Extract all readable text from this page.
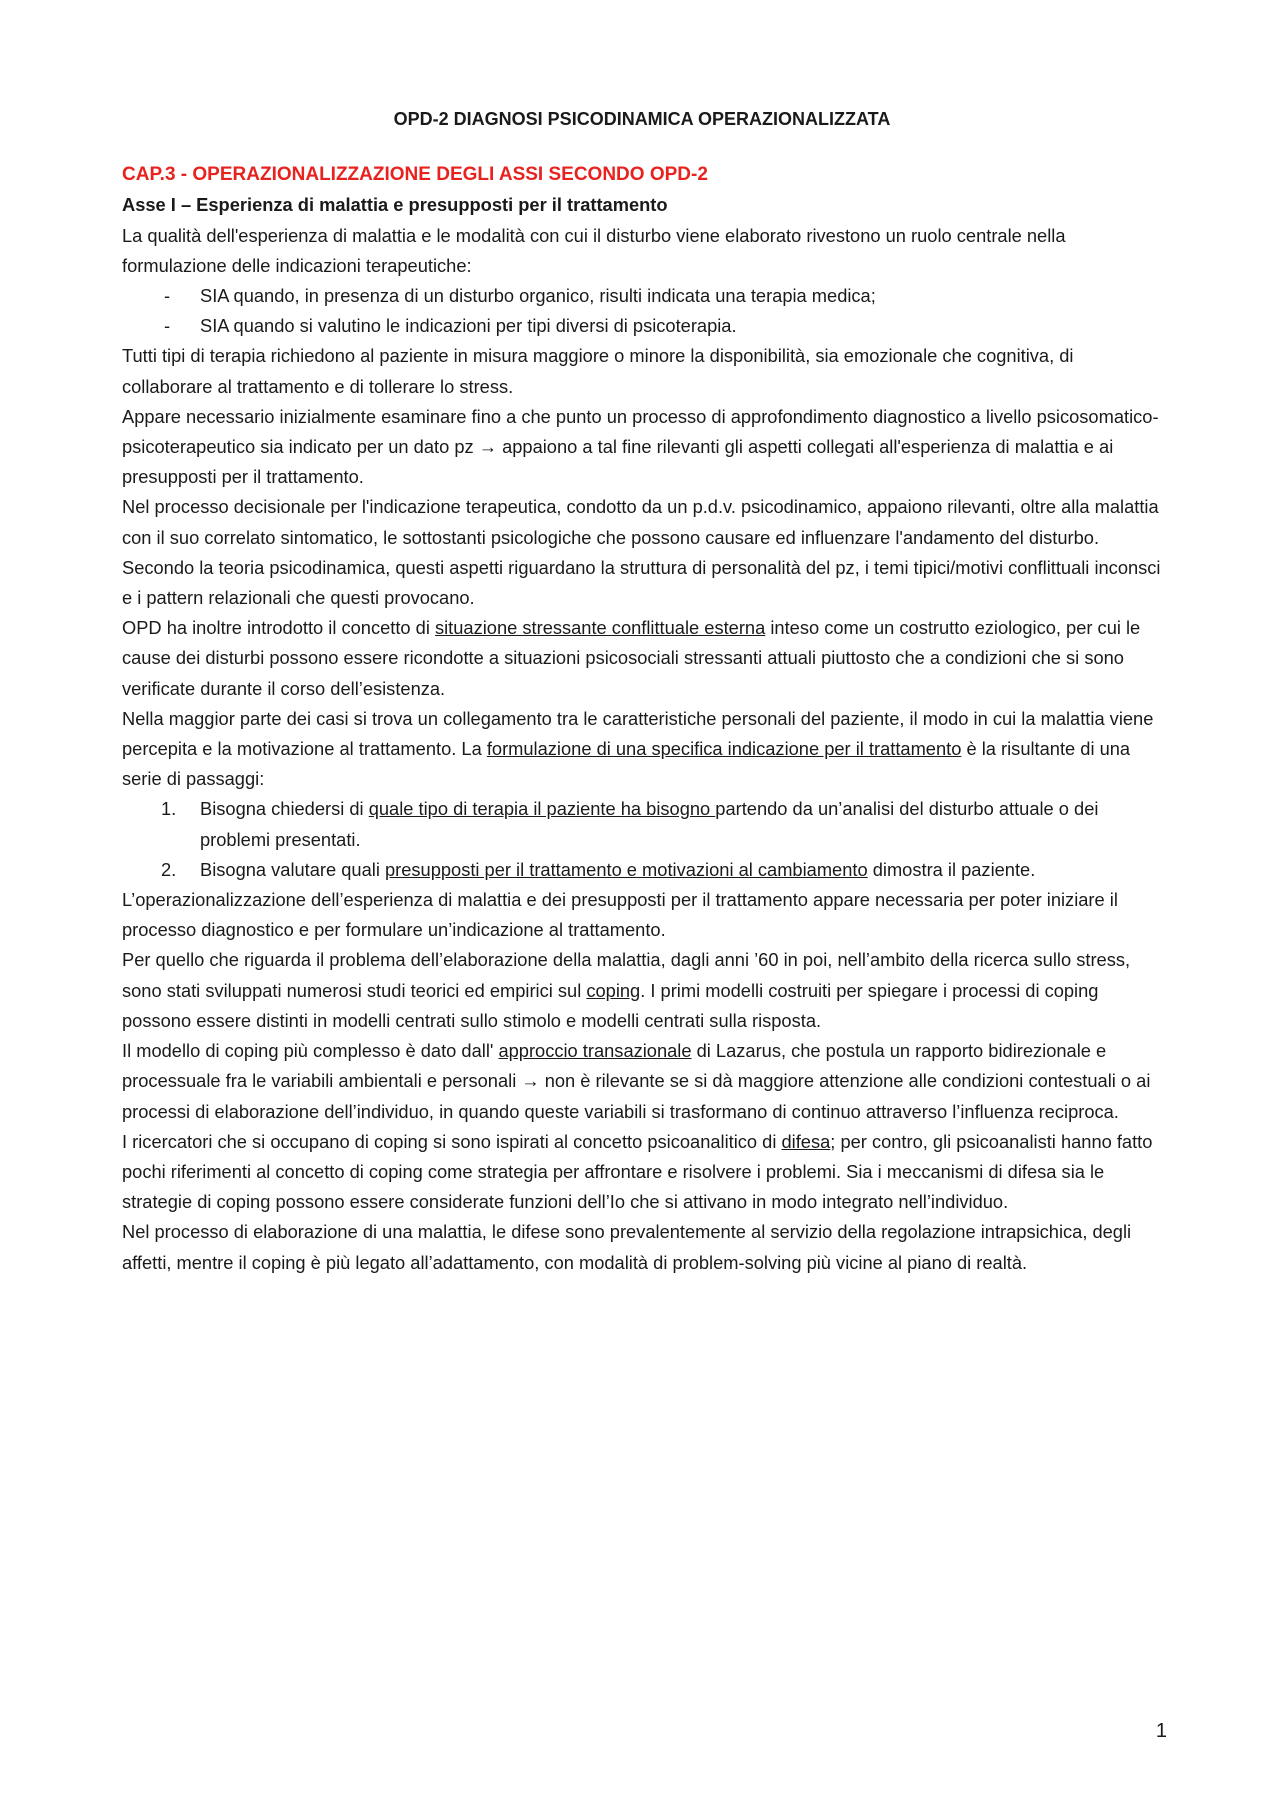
OPD-2 DIAGNOSI PSICODINAMICA OPERAZIONALIZZATA
CAP.3 - OPERAZIONALIZZAZIONE DEGLI ASSI SECONDO OPD-2
Asse I – Esperienza di malattia e presupposti per il trattamento

La qualità dell'esperienza di malattia e le modalità con cui il disturbo viene elaborato rivestono un ruolo centrale nella formulazione delle indicazioni terapeutiche:

- SIA quando, in presenza di un disturbo organico, risulti indicata una terapia medica;
- SIA quando si valutino le indicazioni per tipi diversi di psicoterapia.

Tutti tipi di terapia richiedono al paziente in misura maggiore o minore la disponibilità, sia emozionale che cognitiva, di collaborare al trattamento e di tollerare lo stress.

Appare necessario inizialmente esaminare fino a che punto un processo di approfondimento diagnostico a livello psicosomatico-psicoterapeutico sia indicato per un dato pz → appaiono a tal fine rilevanti gli aspetti collegati all'esperienza di malattia e ai presupposti per il trattamento.

Nel processo decisionale per l'indicazione terapeutica, condotto da un p.d.v. psicodinamico, appaiono rilevanti, oltre alla malattia con il suo correlato sintomatico, le sottostanti psicologiche che possono causare ed influenzare l'andamento del disturbo. Secondo la teoria psicodinamica, questi aspetti riguardano la struttura di personalità del pz, i temi tipici/motivi conflittuali inconsci e i pattern relazionali che questi provocano.

OPD ha inoltre introdotto il concetto di situazione stressante conflittuale esterna inteso come un costrutto eziologico, per cui le cause dei disturbi possono essere ricondotte a situazioni psicosociali stressanti attuali piuttosto che a condizioni che si sono verificate durante il corso dell’esistenza.

Nella maggior parte dei casi si trova un collegamento tra le caratteristiche personali del paziente, il modo in cui la malattia viene percepita e la motivazione al trattamento. La formulazione di una specifica indicazione per il trattamento è la risultante di una serie di passaggi:

1. Bisogna chiedersi di quale tipo di terapia il paziente ha bisogno partendo da un’analisi del disturbo attuale o dei problemi presentati.
2. Bisogna valutare quali presupposti per il trattamento e motivazioni al cambiamento dimostra il paziente.

L’operazionalizzazione dell’esperienza di malattia e dei presupposti per il trattamento appare necessaria per poter iniziare il processo diagnostico e per formulare un’indicazione al trattamento.

Per quello che riguarda il problema dell’elaborazione della malattia, dagli anni ’60 in poi, nell’ambito della ricerca sullo stress, sono stati sviluppati numerosi studi teorici ed empirici sul coping. I primi modelli costruiti per spiegare i processi di coping possono essere distinti in modelli centrati sullo stimolo e modelli centrati sulla risposta.

Il modello di coping più complesso è dato dall' approccio transazionale di Lazarus, che postula un rapporto bidirezionale e processuale fra le variabili ambientali e personali → non è rilevante se si dà maggiore attenzione alle condizioni contestuali o ai processi di elaborazione dell’individuo, in quando queste variabili si trasformano di continuo attraverso l’influenza reciproca.

I ricercatori che si occupano di coping si sono ispirati al concetto psicoanalitico di difesa; per contro, gli psicoanalisti hanno fatto pochi riferimenti al concetto di coping come strategia per affrontare e risolvere i problemi. Sia i meccanismi di difesa sia le strategie di coping possono essere considerate funzioni dell’Io che si attivano in modo integrato nell’individuo.

Nel processo di elaborazione di una malattia, le difese sono prevalentemente al servizio della regolazione intrapsichica, degli affetti, mentre il coping è più legato all’adattamento, con modalità di problem-solving più vicine al piano di realtà.

1
